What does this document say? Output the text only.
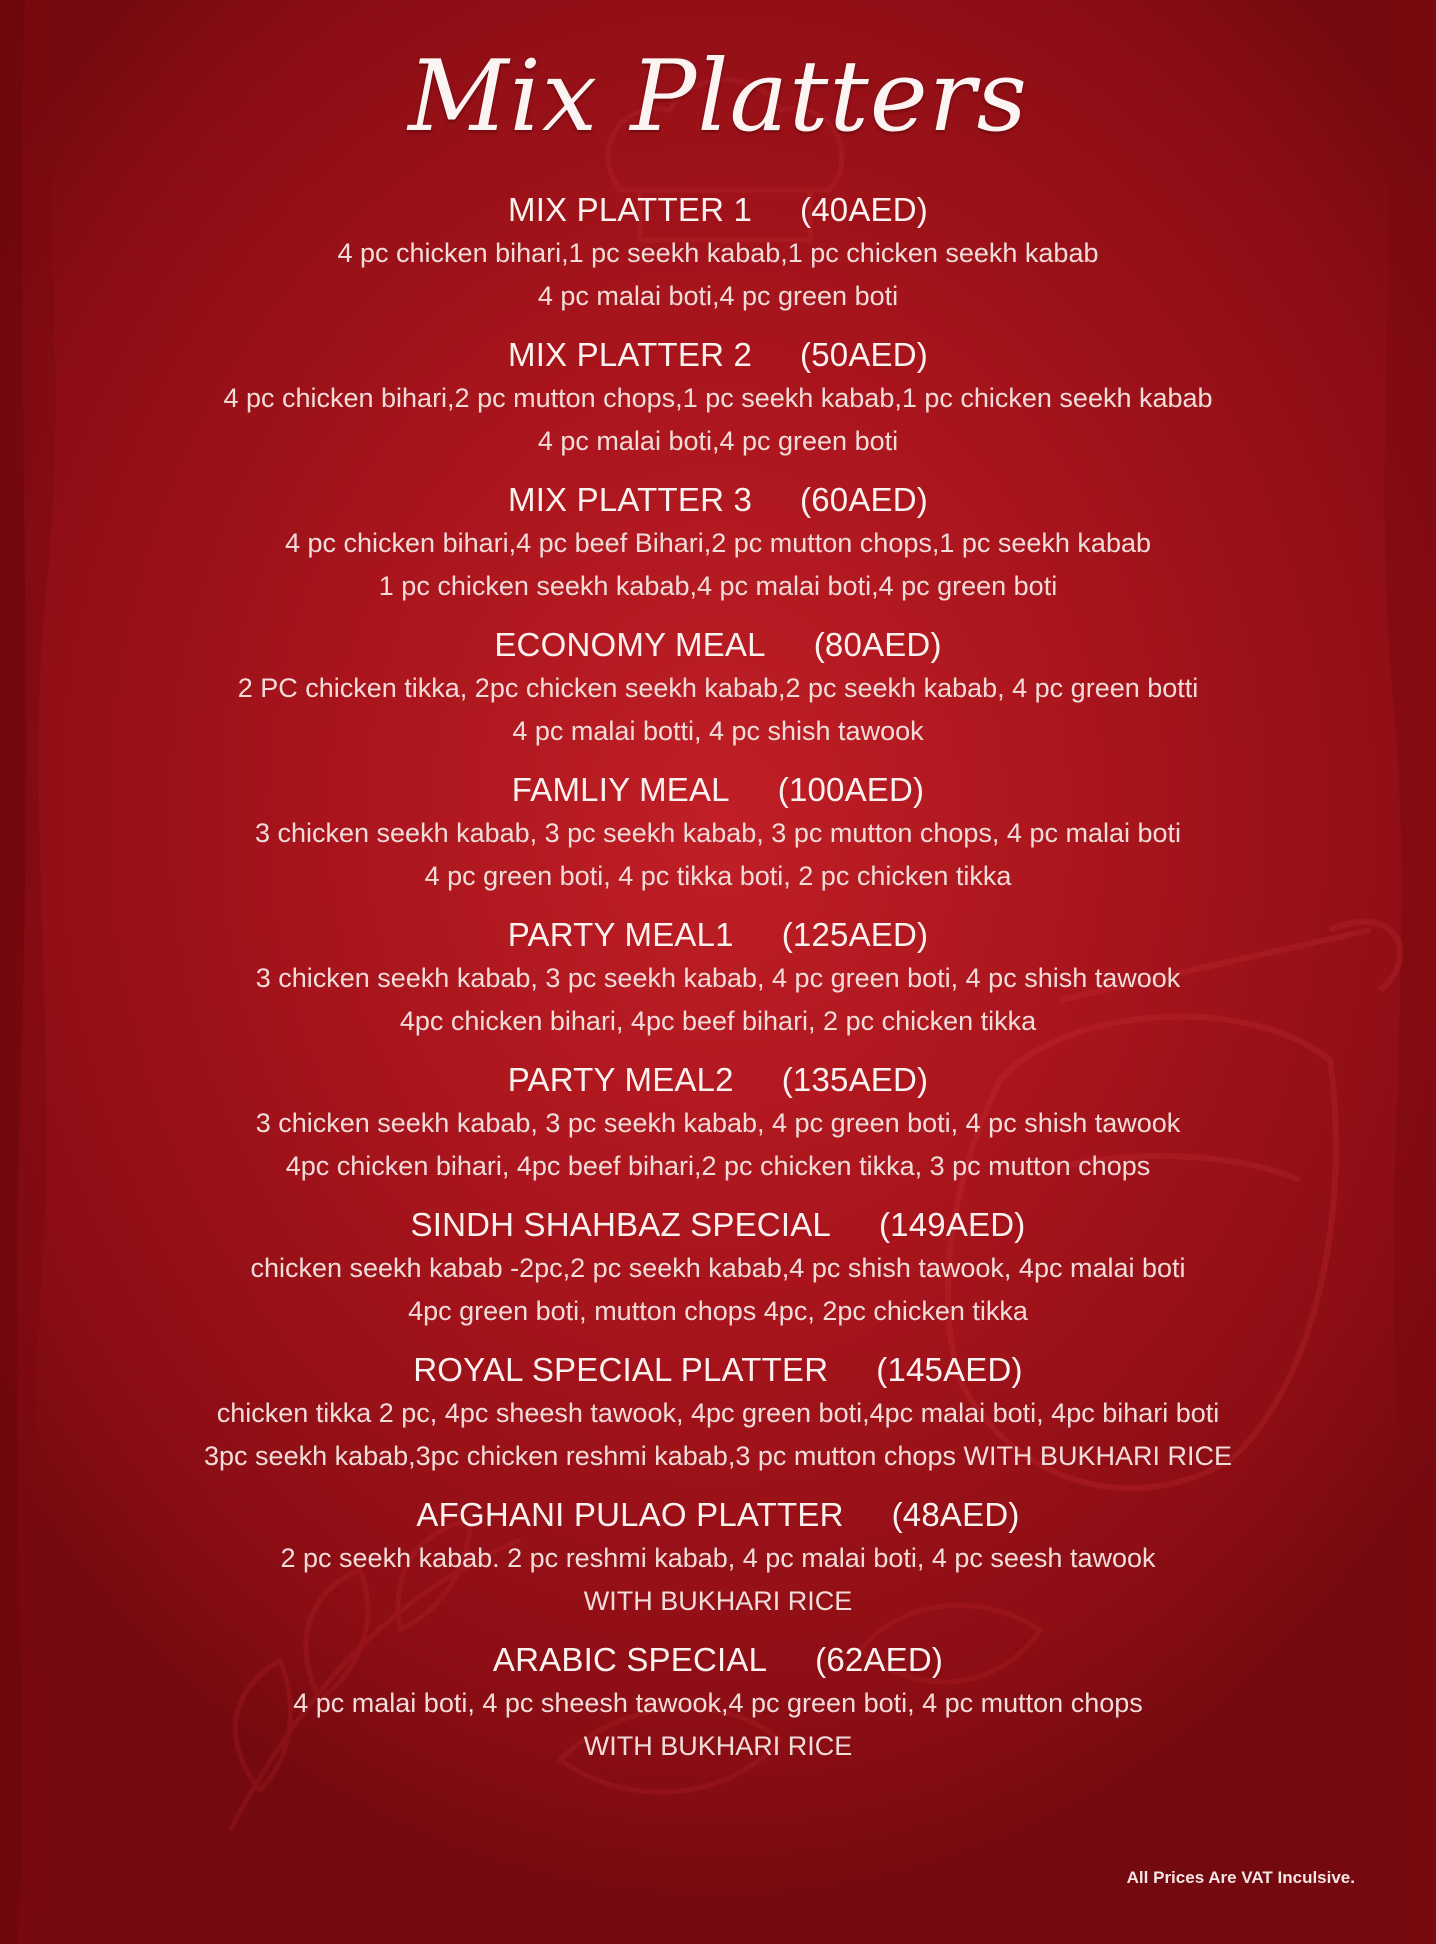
Mix Platters
MIX PLATTER 1 (40AED)
4 pc chicken bihari,1 pc seekh kabab,1 pc chicken seekh kabab
4 pc malai boti,4 pc green boti
MIX PLATTER 2 (50AED)
4 pc chicken bihari,2 pc mutton chops,1 pc seekh kabab,1 pc chicken seekh kabab
4 pc malai boti,4 pc green boti
MIX PLATTER 3 (60AED)
4 pc chicken bihari,4 pc beef Bihari,2 pc mutton chops,1 pc seekh kabab
1 pc chicken seekh kabab,4 pc malai boti,4 pc green boti
ECONOMY MEAL (80AED)
2 PC chicken tikka, 2pc chicken seekh kabab,2 pc seekh kabab, 4 pc green botti
4 pc malai botti, 4 pc shish tawook
FAMLIY MEAL (100AED)
3 chicken seekh kabab, 3 pc seekh kabab, 3 pc mutton chops, 4 pc malai boti
4 pc green boti, 4 pc tikka boti, 2 pc chicken tikka
PARTY MEAL1 (125AED)
3 chicken seekh kabab, 3 pc seekh kabab, 4 pc green boti, 4 pc shish tawook
4pc chicken bihari, 4pc beef bihari, 2 pc chicken tikka
PARTY MEAL2 (135AED)
3 chicken seekh kabab, 3 pc seekh kabab, 4 pc green boti, 4 pc shish tawook
4pc chicken bihari, 4pc beef bihari,2 pc chicken tikka, 3 pc mutton chops
SINDH SHAHBAZ SPECIAL (149AED)
chicken seekh kabab -2pc,2 pc seekh kabab,4 pc shish tawook, 4pc malai boti
4pc green boti, mutton chops 4pc, 2pc chicken tikka
ROYAL SPECIAL PLATTER (145AED)
chicken tikka 2 pc, 4pc sheesh tawook, 4pc green boti,4pc malai boti, 4pc bihari boti
3pc seekh kabab,3pc chicken reshmi kabab,3 pc mutton chops WITH BUKHARI RICE
AFGHANI PULAO PLATTER (48AED)
2 pc seekh kabab. 2 pc reshmi kabab, 4 pc malai boti, 4 pc seesh tawook
WITH BUKHARI RICE
ARABIC SPECIAL (62AED)
4 pc malai boti, 4 pc sheesh tawook,4 pc green boti, 4 pc mutton chops
WITH BUKHARI RICE
All Prices Are VAT Inculsive.
